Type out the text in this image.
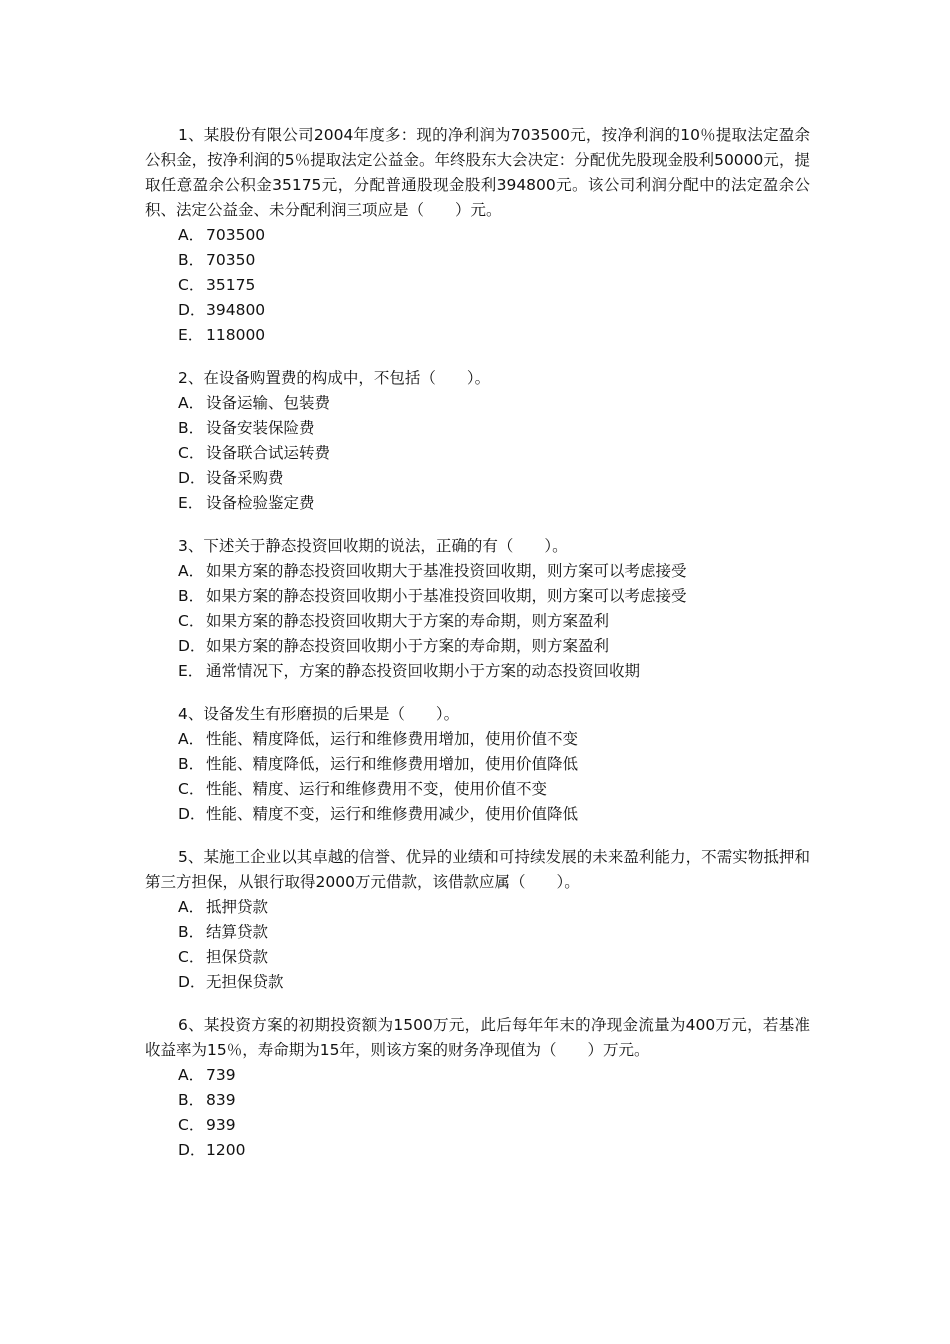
1、某股份有限公司2004年度多：现的净利润为703500元，按净利润的10％提取法定盈余公积金，按净利润的5％提取法定公益金。年终股东大会决定：分配优先股现金股利50000元，提取任意盈余公积金35175元，分配普通股现金股利394800元。该公司利润分配中的法定盈余公积、法定公益金、未分配利润三项应是（　　）元。

A． 703500
B． 70350
C． 35175
D．394800
E． 118000

2、在设备购置费的构成中，不包括（　　）。

A． 设备运输、包装费
B． 设备安装保险费
C． 设备联合试运转费
D．设备采购费
E． 设备检验鉴定费

3、下述关于静态投资回收期的说法，正确的有（　　）。

A． 如果方案的静态投资回收期大于基准投资回收期，则方案可以考虑接受
B． 如果方案的静态投资回收期小于基准投资回收期，则方案可以考虑接受
C． 如果方案的静态投资回收期大于方案的寿命期，则方案盈利
D．如果方案的静态投资回收期小于方案的寿命期，则方案盈利
E． 通常情况下，方案的静态投资回收期小于方案的动态投资回收期

4、设备发生有形磨损的后果是（　　）。

A． 性能、精度降低，运行和维修费用增加，使用价值不变
B． 性能、精度降低，运行和维修费用增加，使用价值降低
C． 性能、精度、运行和维修费用不变，使用价值不变
D．性能、精度不变，运行和维修费用减少，使用价值降低

5、某施工企业以其卓越的信誉、优异的业绩和可持续发展的未来盈利能力，不需实物抵押和第三方担保，从银行取得2000万元借款，该借款应属（　　）。

A． 抵押贷款
B． 结算贷款
C． 担保贷款
D．无担保贷款

6、某投资方案的初期投资额为1500万元，此后每年年末的净现金流量为400万元，若基准收益率为15％，寿命期为15年，则该方案的财务净现值为（　　）万元。

A． 739
B． 839
C． 939
D．1200
